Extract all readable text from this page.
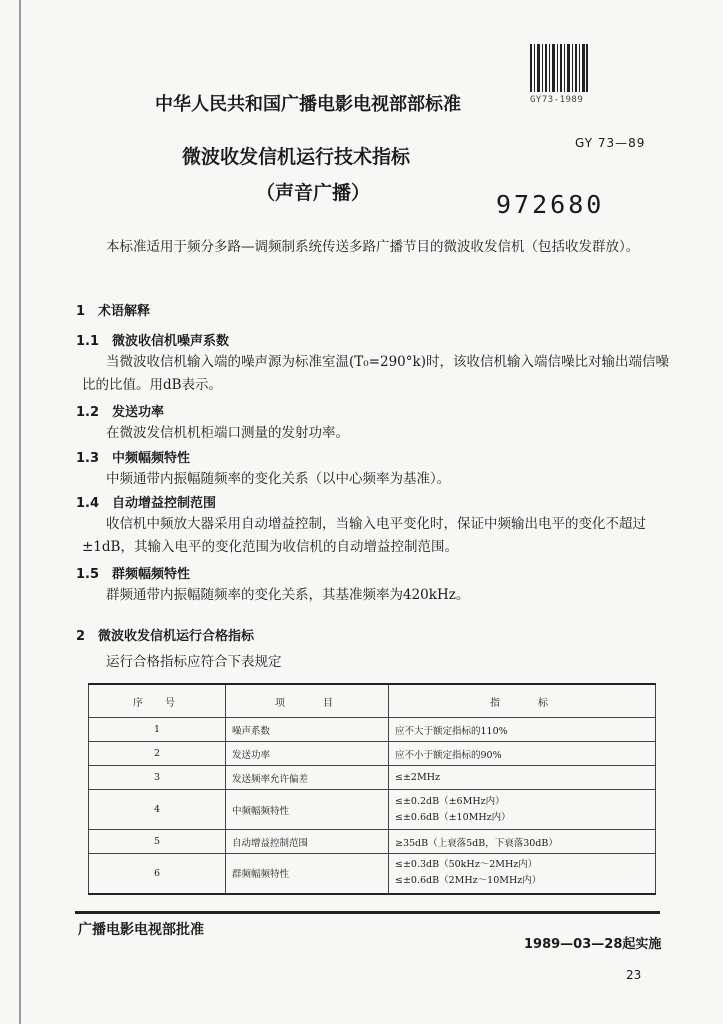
GY73-1989
中华人民共和国广播电影电视部部标准
微波收发信机运行技术指标
（声音广播）
GY 73—89
972680
本标准适用于频分多路—调频制系统传送多路广播节目的微波收发信机（包括收发群放）。
1　术语解释
1.1　微波收信机噪声系数
当微波收信机输入端的噪声源为标准室温(T₀=290°k)时，该收信机输入端信噪比对输出端信噪比的比值。用dB表示。
1.2　发送功率
在微波发信机机柜端口测量的发射功率。
1.3　中频幅频特性
中频通带内振幅随频率的变化关系（以中心频率为基准）。
1.4　自动增益控制范围
收信机中频放大器采用自动增益控制，当输入电平变化时，保证中频输出电平的变化不超过±1dB，其输入电平的变化范围为收信机的自动增益控制范围。
1.5　群频幅频特性
群频通带内振幅随频率的变化关系，其基准频率为420kHz。
2　微波收发信机运行合格指标
运行合格指标应符合下表规定
序　号	项　　目	指　　标
1	噪声系数	应不大于额定指标的110%
2	发送功率	应不小于额定指标的90%
3	发送频率允许偏差	≤±2MHz
4	中频幅频特性	≤±0.2dB（±6MHz内）
≤±0.6dB（±10MHz内）

5	自动增益控制范围	≥35dB（上衰落5dB，下衰落30dB）
6	群频幅频特性	≤±0.3dB（50kHz～2MHz内）
≤±0.6dB（2MHz～10MHz内）
广播电影电视部批准
1989—03—28起实施
23
